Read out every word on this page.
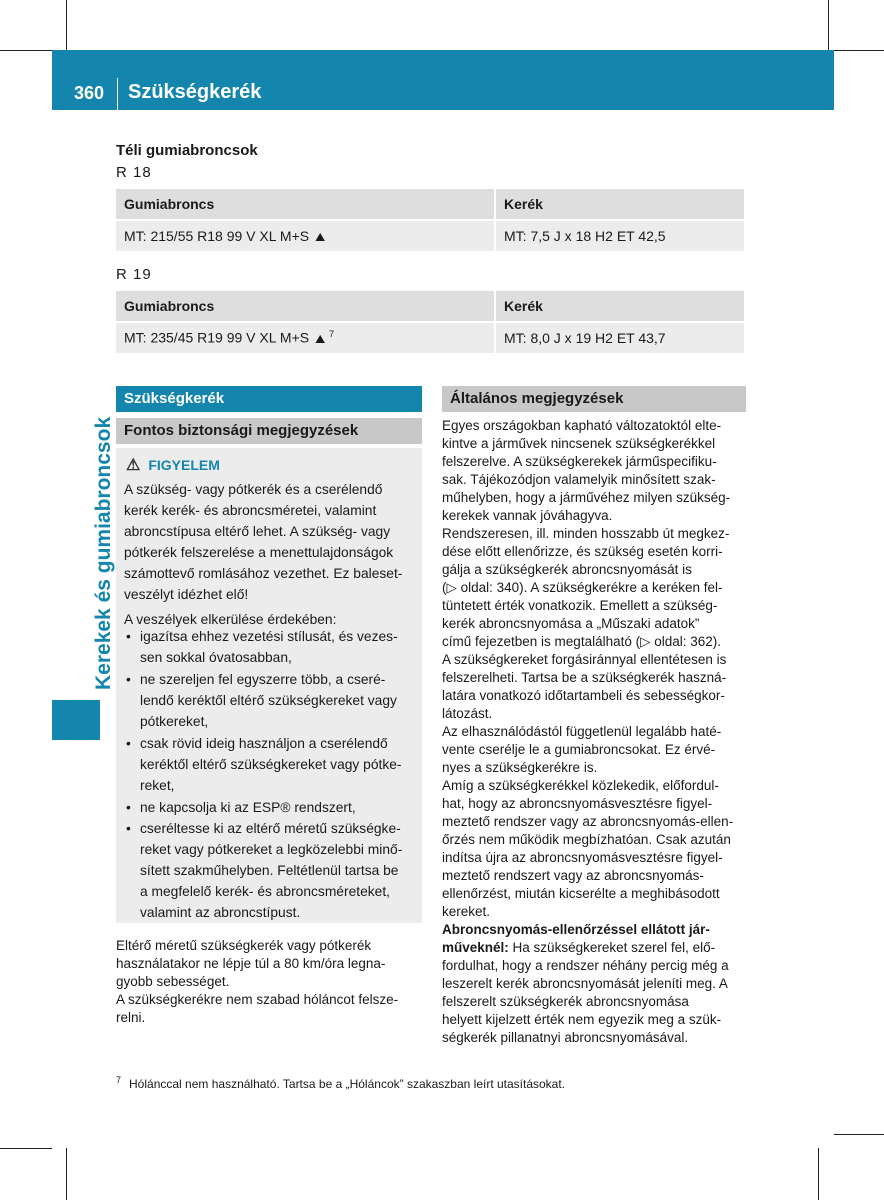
360 Szükségkerék
Kerekek és gumiabroncsok
Téli gumiabroncsok
R 18
Gumiabroncs	Kerék
MT: 215/55 R18 99 V XL M+S ⛰	MT: 7,5 J x 18 H2 ET 42,5
R 19
Gumiabroncs	Kerék
MT: 235/45 R19 99 V XL M+S ⛰ $^7$	MT: 8,0 J x 19 H2 ET 43,7
Szükségkerék
Fontos biztonsági megjegyzések
⚠ FIGYELEM
A szükség- vagy pótkerék és a cserélendő
kerék kerék- és abroncsméretei, valamint
abroncstípusa eltérő lehet. A szükség- vagy
pótkerék felszerelése a menettulajdonságok
számottevő romlásához vezethet. Ez baleset-
veszélyt idézhet elő!
A veszélyek elkerülése érdekében:
• igazítsa ehhez vezetési stílusát, és vezes-
sen sokkal óvatosabban,
• ne szereljen fel egyszerre több, a cseré-
lendő keréktől eltérő szükségkereket vagy
pótkereket,
• csak rövid ideig használjon a cserélendő
keréktől eltérő szükségkereket vagy pótke-
reket,
• ne kapcsolja ki az ESP® rendszert,
• cseréltesse ki az eltérő méretű szükségke-
reket vagy pótkereket a legközelebbi minő-
sített szakműhelyben. Feltétlenül tartsa be
a megfelelő kerék- és abroncsméreteket,
valamint az abroncstípust.
Eltérő méretű szükségkerék vagy pótkerék
használatakor ne lépje túl a 80 km/óra legna-
gyobb sebességet.
A szükségkerékre nem szabad hóláncot felsze-
relni.
Általános megjegyzések
Egyes országokban kapható változatoktól elte-
kintve a járművek nincsenek szükségkerékkel
felszerelve. A szükségkerekek járműspecifiku-
sak. Tájékozódjon valamelyik minősített szak-
műhelyben, hogy a járművéhez milyen szükség-
kerekek vannak jóváhagyva.
Rendszeresen, ill. minden hosszabb út megkez-
dése előtt ellenőrizze, és szükség esetén korri-
gálja a szükségkerék abroncsnyomását is
(▷ oldal: 340). A szükségkerékre a keréken fel-
tüntetett érték vonatkozik. Emellett a szükség-
kerék abroncsnyomása a „Műszaki adatok”
című fejezetben is megtalálható (▷ oldal: 362).
A szükségkereket forgásiránnyal ellentétesen is
felszerelheti. Tartsa be a szükségkerék haszná-
latára vonatkozó időtartambeli és sebességkor-
látozást.
Az elhasználódástól függetlenül legalább haté-
vente cserélje le a gumiabroncsokat. Ez érvé-
nyes a szükségkerékre is.
Amíg a szükségkerékkel közlekedik, előfordul-
hat, hogy az abroncsnyomásvesztésre figyel-
meztető rendszer vagy az abroncsnyomás-ellen-
őrzés nem működik megbízhatóan. Csak azután
indítsa újra az abroncsnyomásvesztésre figyel-
meztető rendszert vagy az abroncsnyomás-
ellenőrzést, miután kicserélte a meghibásodott
kereket.
Abroncsnyomás-ellenőrzéssel ellátott jár-
műveknél: Ha szükségkereket szerel fel, elő-
fordulhat, hogy a rendszer néhány percig még a
leszerelt kerék abroncsnyomását jeleníti meg. A
felszerelt szükségkerék abroncsnyomása
helyett kijelzett érték nem egyezik meg a szük-
ségkerék pillanatnyi abroncsnyomásával.
$^7$ Hólánccal nem használható. Tartsa be a „Hóláncok” szakaszban leírt utasításokat.
